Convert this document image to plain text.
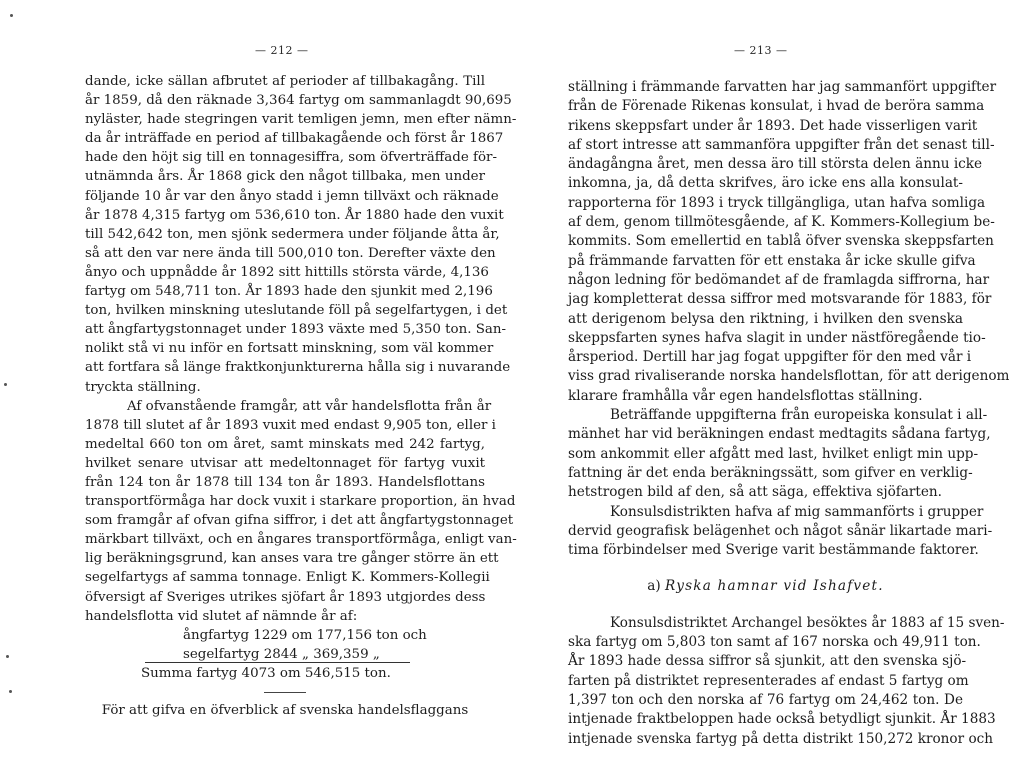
— 212 —
dande, icke sällan afbrutet af perioder af tillbakagång. Till
år 1859, då den räknade 3,364 fartyg om sammanlagdt 90,695
nyläster, hade stegringen varit temligen jemn, men efter nämn-
da år inträffade en period af tillbakagående och först år 1867
hade den höjt sig till en tonnagesiffra, som öfverträffade för-
utnämnda års. År 1868 gick den något tillbaka, men under
följande 10 år var den ånyo stadd i jemn tillväxt och räknade
år 1878 4,315 fartyg om 536,610 ton. År 1880 hade den vuxit
till 542,642 ton, men sjönk sedermera under följande åtta år,
så att den var nere ända till 500,010 ton. Derefter växte den
ånyo och uppnådde år 1892 sitt hittills största värde, 4,136
fartyg om 548,711 ton. År 1893 hade den sjunkit med 2,196
ton, hvilken minskning uteslutande föll på segelfartygen, i det
att ångfartygstonnaget under 1893 växte med 5,350 ton. San-
nolikt stå vi nu inför en fortsatt minskning, som väl kommer
att fortfara så länge fraktkonjunkturerna hålla sig i nuvarande
tryckta ställning.
Af ofvanstående framgår, att vår handelsflotta från år
1878 till slutet af år 1893 vuxit med endast 9,905 ton, eller i
medeltal 660 ton om året, samt minskats med 242 fartyg,
hvilket senare utvisar att medeltonnaget för fartyg vuxit
från 124 ton år 1878 till 134 ton år 1893. Handelsflottans
transportförmåga har dock vuxit i starkare proportion, än hvad
som framgår af ofvan gifna siffror, i det att ångfartygstonnaget
märkbart tillväxt, och en ångares transportförmåga, enligt van-
lig beräkningsgrund, kan anses vara tre gånger större än ett
segelfartygs af samma tonnage. Enligt K. Kommers-Kollegii
öfversigt af Sveriges utrikes sjöfart år 1893 utgjordes dess
handelsflotta vid slutet af nämnde år af:
ångfartyg 1229 om 177,156 ton och
segelfartyg 2844 „ 369,359 „
Summa fartyg 4073 om 546,515 ton.
För att gifva en öfverblick af svenska handelsflaggans
— 213 —
ställning i främmande farvatten har jag sammanfört uppgifter
från de Förenade Rikenas konsulat, i hvad de beröra samma
rikens skeppsfart under år 1893. Det hade visserligen varit
af stort intresse att sammanföra uppgifter från det senast till-
ändagångna året, men dessa äro till största delen ännu icke
inkomna, ja, då detta skrifves, äro icke ens alla konsulat-
rapporterna för 1893 i tryck tillgängliga, utan hafva somliga
af dem, genom tillmötesgående, af K. Kommers-Kollegium be-
kommits. Som emellertid en tablå öfver svenska skeppsfarten
på främmande farvatten för ett enstaka år icke skulle gifva
någon ledning för bedömandet af de framlagda siffrorna, har
jag kompletterat dessa siffror med motsvarande för 1883, för
att derigenom belysa den riktning, i hvilken den svenska
skeppsfarten synes hafva slagit in under nästföregående tio-
årsperiod. Dertill har jag fogat uppgifter för den med vår i
viss grad rivaliserande norska handelsflottan, för att derigenom
klarare framhålla vår egen handelsflottas ställning.
Beträffande uppgifterna från europeiska konsulat i all-
mänhet har vid beräkningen endast medtagits sådana fartyg,
som ankommit eller afgått med last, hvilket enligt min upp-
fattning är det enda beräkningssätt, som gifver en verklig-
hetstrogen bild af den, så att säga, effektiva sjöfarten.
Konsulsdistrikten hafva af mig sammanförts i grupper
dervid geografisk belägenhet och något sånär likartade mari-
tima förbindelser med Sverige varit bestämmande faktorer.
a) Ryska hamnar vid Ishafvet.
Konsulsdistriktet Archangel besöktes år 1883 af 15 sven-
ska fartyg om 5,803 ton samt af 167 norska och 49,911 ton.
År 1893 hade dessa siffror så sjunkit, att den svenska sjö-
farten på distriktet representerades af endast 5 fartyg om
1,397 ton och den norska af 76 fartyg om 24,462 ton. De
intjenade fraktbeloppen hade också betydligt sjunkit. År 1883
intjenade svenska fartyg på detta distrikt 150,272 kronor och
